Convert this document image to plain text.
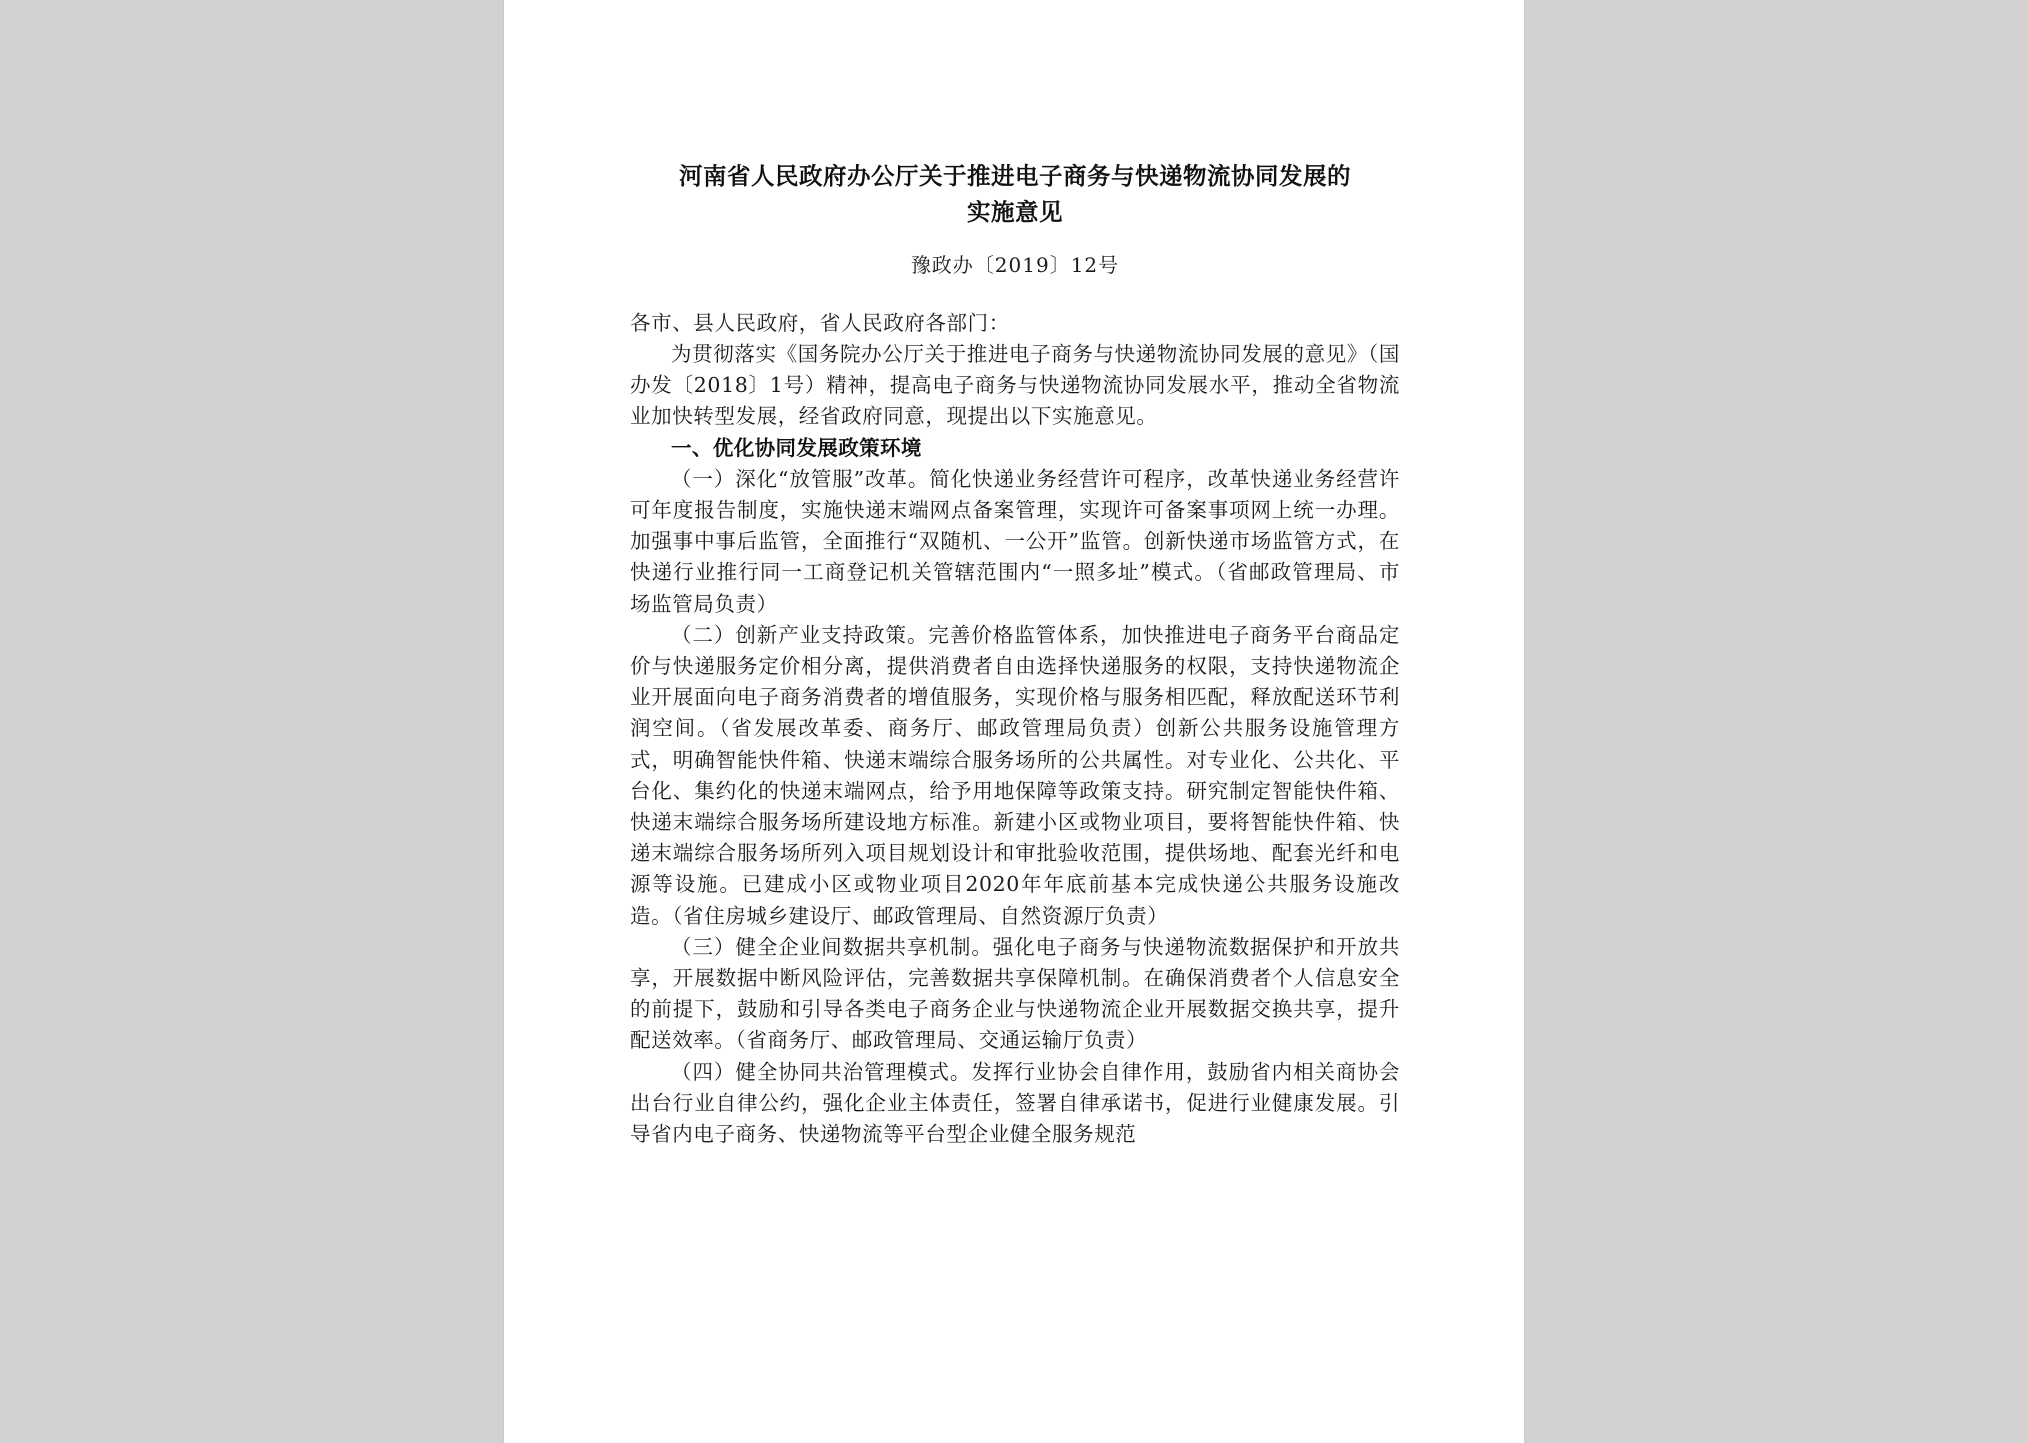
河南省人民政府办公厅关于推进电子商务与快递物流协同发展的
实施意见

豫政办〔2019〕12号

各市、县人民政府，省人民政府各部门：

为贯彻落实《国务院办公厅关于推进电子商务与快递物流协同发展的意见》（国办发〔2018〕1号）精神，提高电子商务与快递物流协同发展水平，推动全省物流业加快转型发展，经省政府同意，现提出以下实施意见。

一、优化协同发展政策环境

（一）深化“放管服”改革。简化快递业务经营许可程序，改革快递业务经营许可年度报告制度，实施快递末端网点备案管理，实现许可备案事项网上统一办理。加强事中事后监管，全面推行“双随机、一公开”监管。创新快递市场监管方式，在快递行业推行同一工商登记机关管辖范围内“一照多址”模式。（省邮政管理局、市场监管局负责）

（二）创新产业支持政策。完善价格监管体系，加快推进电子商务平台商品定价与快递服务定价相分离，提供消费者自由选择快递服务的权限，支持快递物流企业开展面向电子商务消费者的增值服务，实现价格与服务相匹配，释放配送环节利润空间。（省发展改革委、商务厅、邮政管理局负责）创新公共服务设施管理方式，明确智能快件箱、快递末端综合服务场所的公共属性。对专业化、公共化、平台化、集约化的快递末端网点，给予用地保障等政策支持。研究制定智能快件箱、快递末端综合服务场所建设地方标准。新建小区或物业项目，要将智能快件箱、快递末端综合服务场所列入项目规划设计和审批验收范围，提供场地、配套光纤和电源等设施。已建成小区或物业项目2020年年底前基本完成快递公共服务设施改造。（省住房城乡建设厅、邮政管理局、自然资源厅负责）

（三）健全企业间数据共享机制。强化电子商务与快递物流数据保护和开放共享，开展数据中断风险评估，完善数据共享保障机制。在确保消费者个人信息安全的前提下，鼓励和引导各类电子商务企业与快递物流企业开展数据交换共享，提升配送效率。（省商务厅、邮政管理局、交通运输厅负责）

（四）健全协同共治管理模式。发挥行业协会自律作用，鼓励省内相关商协会出台行业自律公约，强化企业主体责任，签署自律承诺书，促进行业健康发展。引导省内电子商务、快递物流等平台型企业健全服务规范
